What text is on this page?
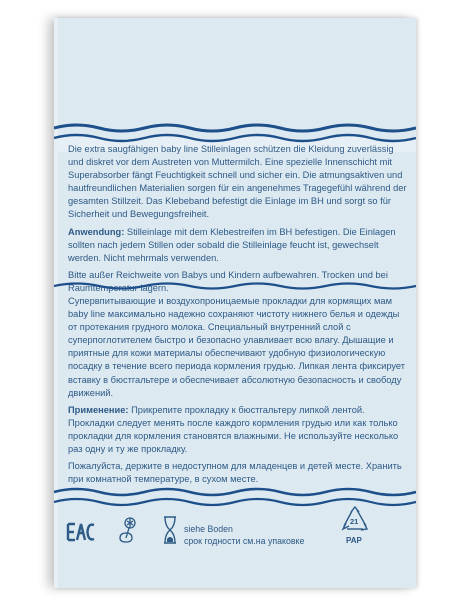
Die extra saugfähigen baby line Stilleinlagen schützen die Kleidung zuverlässig und diskret vor dem Austreten von Muttermilch. Eine spezielle Innenschicht mit Superabsorber fängt Feuchtigkeit schnell und sicher ein. Die atmungsaktiven und hautfreundlichen Materialien sorgen für ein angenehmes Tragegefühl während der gesamten Stillzeit. Das Klebeband befestigt die Einlage im BH und sorgt so für Sicherheit und Bewegungsfreiheit.

Anwendung: Stilleinlage mit dem Klebestreifen im BH befestigen. Die Einlagen sollten nach jedem Stillen oder sobald die Stilleinlage feucht ist, gewechselt werden. Nicht mehrmals verwenden.

Bitte außer Reichweite von Babys und Kindern aufbewahren. Trocken und bei Raumtemperatur lagern.

Супервпитывающие и воздухопроницаемые прокладки для кормящих мам baby line максимально надежно сохраняют чистоту нижнего белья и одежды от протекания грудного молока. Специальный внутренний слой с суперпоглотителем быстро и безопасно улавливает всю влагу. Дышащие и приятные для кожи материалы обеспечивают удобную физиологическую посадку в течение всего периода кормления грудью. Липкая лента фиксирует вставку в бюстгальтере и обеспечивает абсолютную безопасность и свободу движений.

Применение: Прикрепите прокладку к бюстгальтеру липкой лентой. Прокладки следует менять после каждого кормления грудью или как только прокладки для кормления становятся влажными. Не используйте несколько раз одну и ту же прокладку.

Пожалуйста, держите в недоступном для младенцев и детей месте. Хранить при комнатной температуре, в сухом месте.

siehe Boden
срок годности см.на упаковке
21
PAP
